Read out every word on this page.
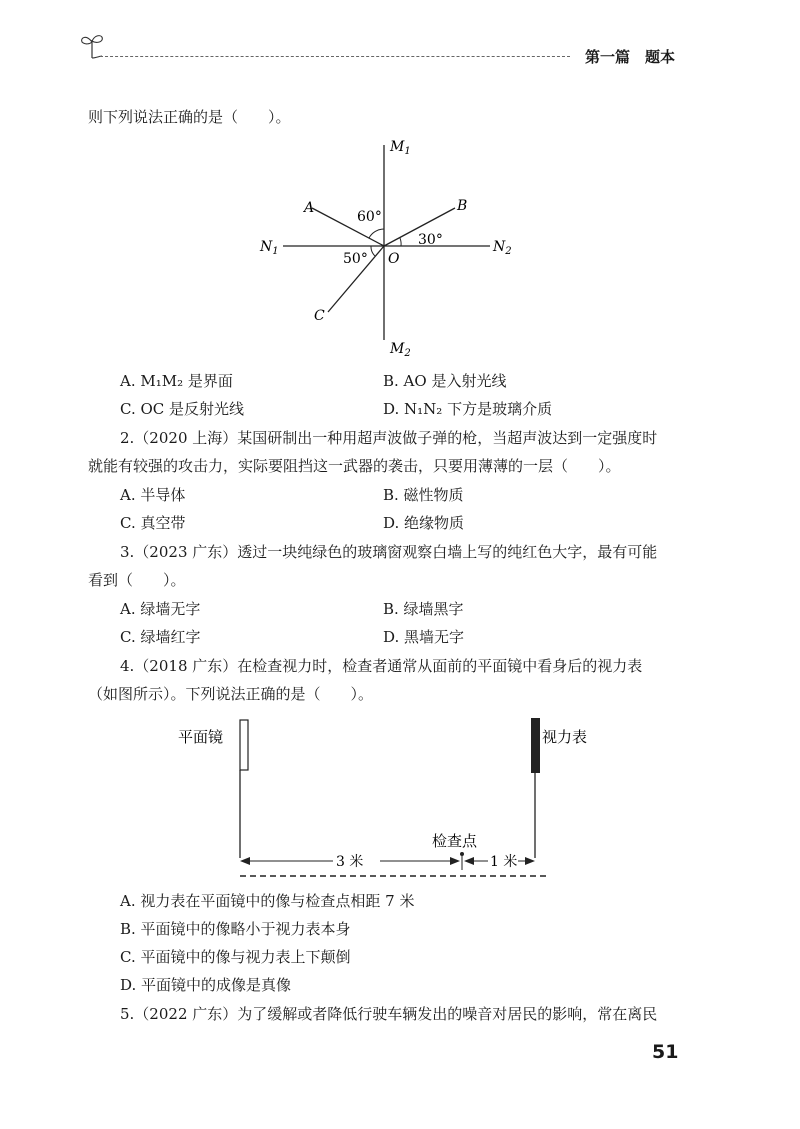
第一篇　题本
则下列说法正确的是（　　）。
$M_1$
$M_2$
$N_1$	$N_2$
A	B
C
O
60°
30°
50°
A. M₁M₂ 是界面	B. AO 是入射光线
C. OC 是反射光线	D. N₁N₂ 下方是玻璃介质
2.（2020 上海）某国研制出一种用超声波做子弹的枪，当超声波达到一定强度时
就能有较强的攻击力，实际要阻挡这一武器的袭击，只要用薄薄的一层（　　）。
A. 半导体	B. 磁性物质
C. 真空带	D. 绝缘物质
3.（2023 广东）透过一块纯绿色的玻璃窗观察白墙上写的纯红色大字，最有可能
看到（　　）。
A. 绿墙无字	B. 绿墙黑字
C. 绿墙红字	D. 黑墙无字
4.（2018 广东）在检查视力时，检查者通常从面前的平面镜中看身后的视力表
（如图所示）。下列说法正确的是（　　）。
平面镜	视力表
检查点
3 米	1 米
A. 视力表在平面镜中的像与检查点相距 7 米
B. 平面镜中的像略小于视力表本身
C. 平面镜中的像与视力表上下颠倒
D. 平面镜中的成像是真像
5.（2022 广东）为了缓解或者降低行驶车辆发出的噪音对居民的影响，常在离民
51
